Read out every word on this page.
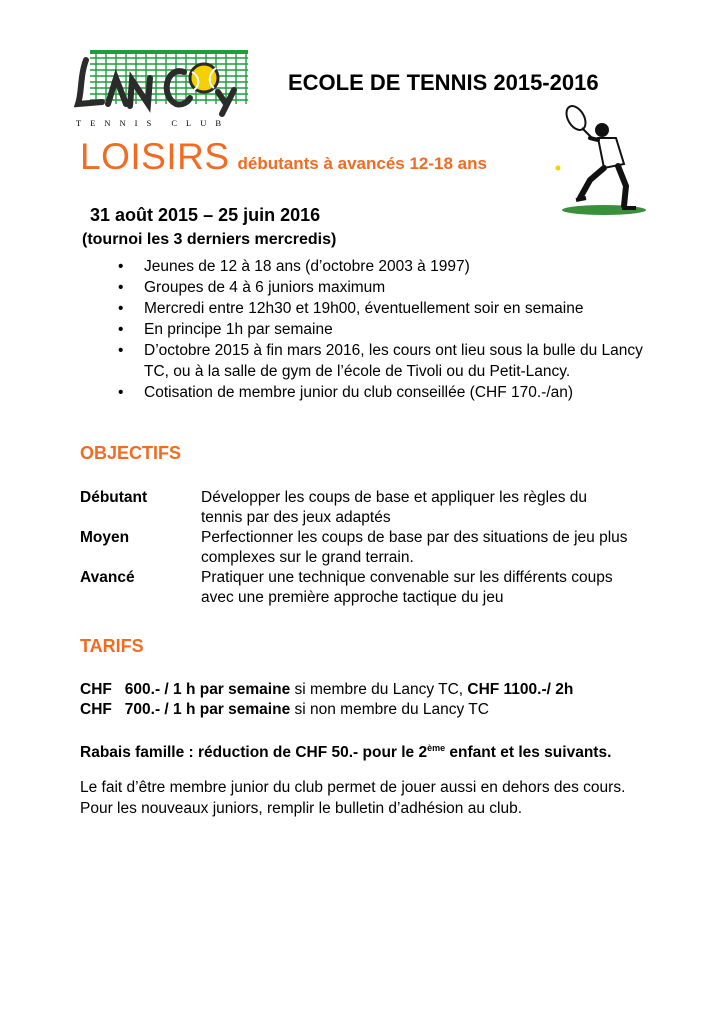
TENNIS CLUB
ECOLE DE TENNIS 2015-2016
LOISIRS débutants à avancés 12-18 ans
31 août 2015 – 25 juin 2016
(tournoi les 3 derniers mercredis)
• Jeunes de 12 à 18 ans (d’octobre 2003 à 1997)
• Groupes de 4 à 6 juniors maximum
• Mercredi entre 12h30 et 19h00, éventuellement soir en semaine
• En principe 1h par semaine
• D’octobre 2015 à fin mars 2016, les cours ont lieu sous la bulle du Lancy TC, ou à la salle de gym de l’école de Tivoli ou du Petit-Lancy.
• Cotisation de membre junior du club conseillée (CHF 170.-/an)
OBJECTIFS
Débutant	Développer les coups de base et appliquer les règles du tennis par des jeux adaptés
Moyen	Perfectionner les coups de base par des situations de jeu plus complexes sur le grand terrain.
Avancé	Pratiquer une technique convenable sur les différents coups avec une première approche tactique du jeu
TARIFS
CHF   600.- / 1 h par semaine si membre du Lancy TC, CHF 1100.-/ 2h
CHF   700.- / 1 h par semaine si non membre du Lancy TC
Rabais famille : réduction de CHF 50.- pour le 2ème enfant et les suivants.
Le fait d’être membre junior du club permet de jouer aussi en dehors des cours. Pour les nouveaux juniors, remplir le bulletin d’adhésion au club.
